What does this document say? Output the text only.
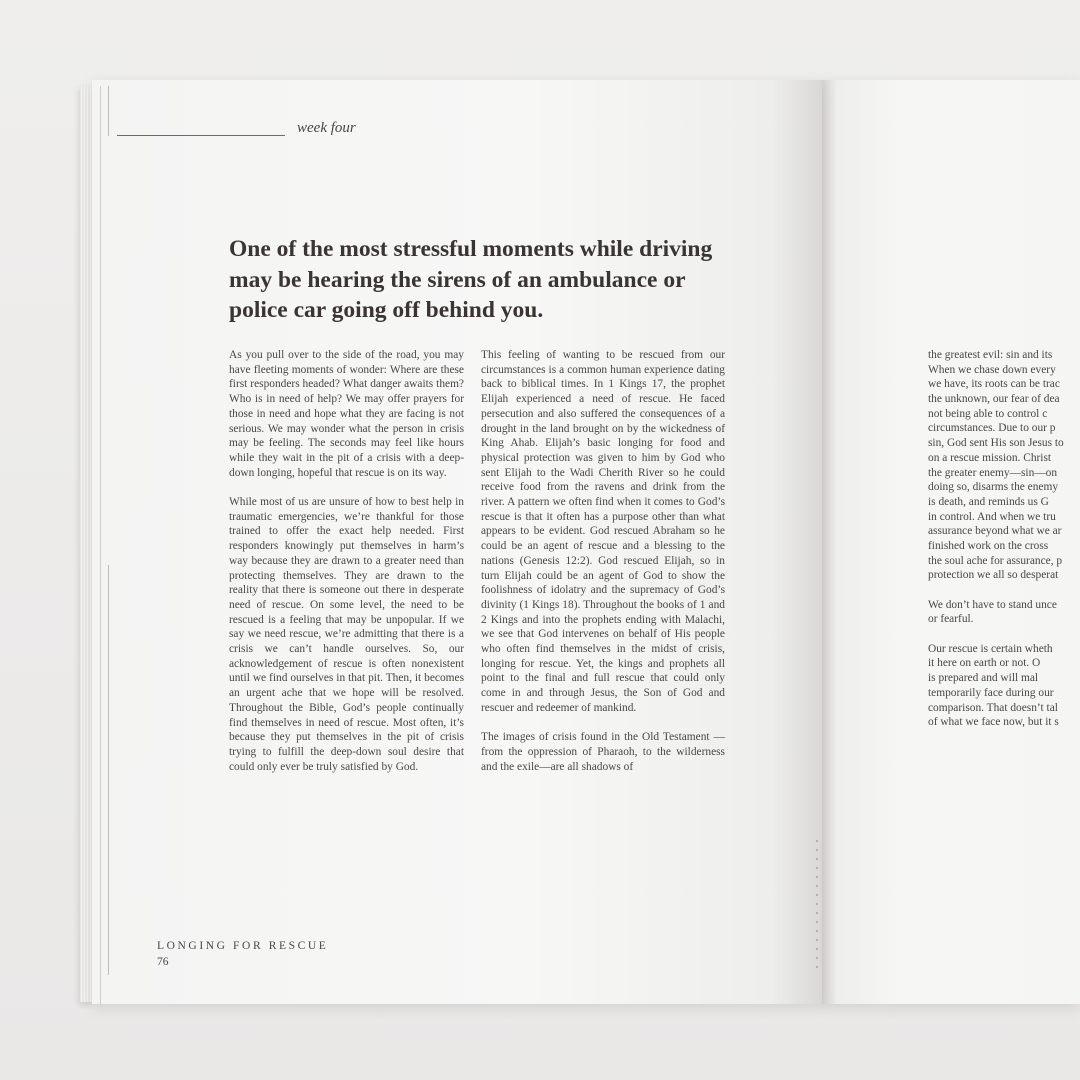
week four
One of the most stressful moments while driving may be hearing the sirens of an ambulance or police car going off behind you.

As you pull over to the side of the road, you may have fleeting moments of wonder: Where are these first responders headed? What danger awaits them? Who is in need of help? We may offer prayers for those in need and hope what they are facing is not serious. We may wonder what the person in crisis may be feeling. The seconds may feel like hours while they wait in the pit of a crisis with a deep-down longing, hopeful that rescue is on its way.

While most of us are unsure of how to best help in traumatic emergencies, we’re thankful for those trained to offer the exact help needed. First responders knowingly put themselves in harm’s way because they are drawn to a greater need than protecting themselves. They are drawn to the reality that there is someone out there in desperate need of rescue. On some level, the need to be rescued is a feeling that may be unpopular. If we say we need rescue, we’re admitting that there is a crisis we can’t handle ourselves. So, our acknowledgement of rescue is often nonexistent until we find ourselves in that pit. Then, it becomes an urgent ache that we hope will be resolved. Throughout the Bible, God’s people continually find themselves in need of rescue. Most often, it’s because they put themselves in the pit of crisis trying to fulfill the deep-down soul desire that could only ever be truly satisfied by God.

This feeling of wanting to be rescued from our circumstances is a common human experience dating back to biblical times. In 1 Kings 17, the prophet Elijah experienced a need of rescue. He faced persecution and also suffered the consequences of a drought in the land brought on by the wickedness of King Ahab. Elijah’s basic longing for food and physical protection was given to him by God who sent Elijah to the Wadi Cherith River so he could receive food from the ravens and drink from the river. A pattern we often find when it comes to God’s rescue is that it often has a purpose other than what appears to be evident. God rescued Abraham so he could be an agent of rescue and a blessing to the nations (Genesis 12:2). God rescued Elijah, so in turn Elijah could be an agent of God to show the foolishness of idolatry and the supremacy of God’s divinity (1 Kings 18). Throughout the books of 1 and 2 Kings and into the prophets ending with Malachi, we see that God intervenes on behalf of His people who often find themselves in the midst of crisis, longing for rescue. Yet, the kings and prophets all point to the final and full rescue that could only come in and through Jesus, the Son of God and rescuer and redeemer of mankind.

The images of crisis found in the Old Testament —from the oppression of Pharaoh, to the wilderness and the exile—are all shadows of

the greatest evil: sin and its
When we chase down every
we have, its roots can be trac
the unknown, our fear of dea
not being able to control c
circumstances. Due to our p
sin, God sent His son Jesus to
on a rescue mission. Christ
the greater enemy—sin—on
doing so, disarms the enemy
is death, and reminds us G
in control. And when we tru
assurance beyond what we ar
finished work on the cross
the soul ache for assurance, p
protection we all so desperat
We don’t have to stand unce
or fearful.
Our rescue is certain wheth
it here on earth or not. O
is prepared and will mal
temporarily face during our
comparison. That doesn’t tal
of what we face now, but it s
LONGING FOR RESCUE
76
